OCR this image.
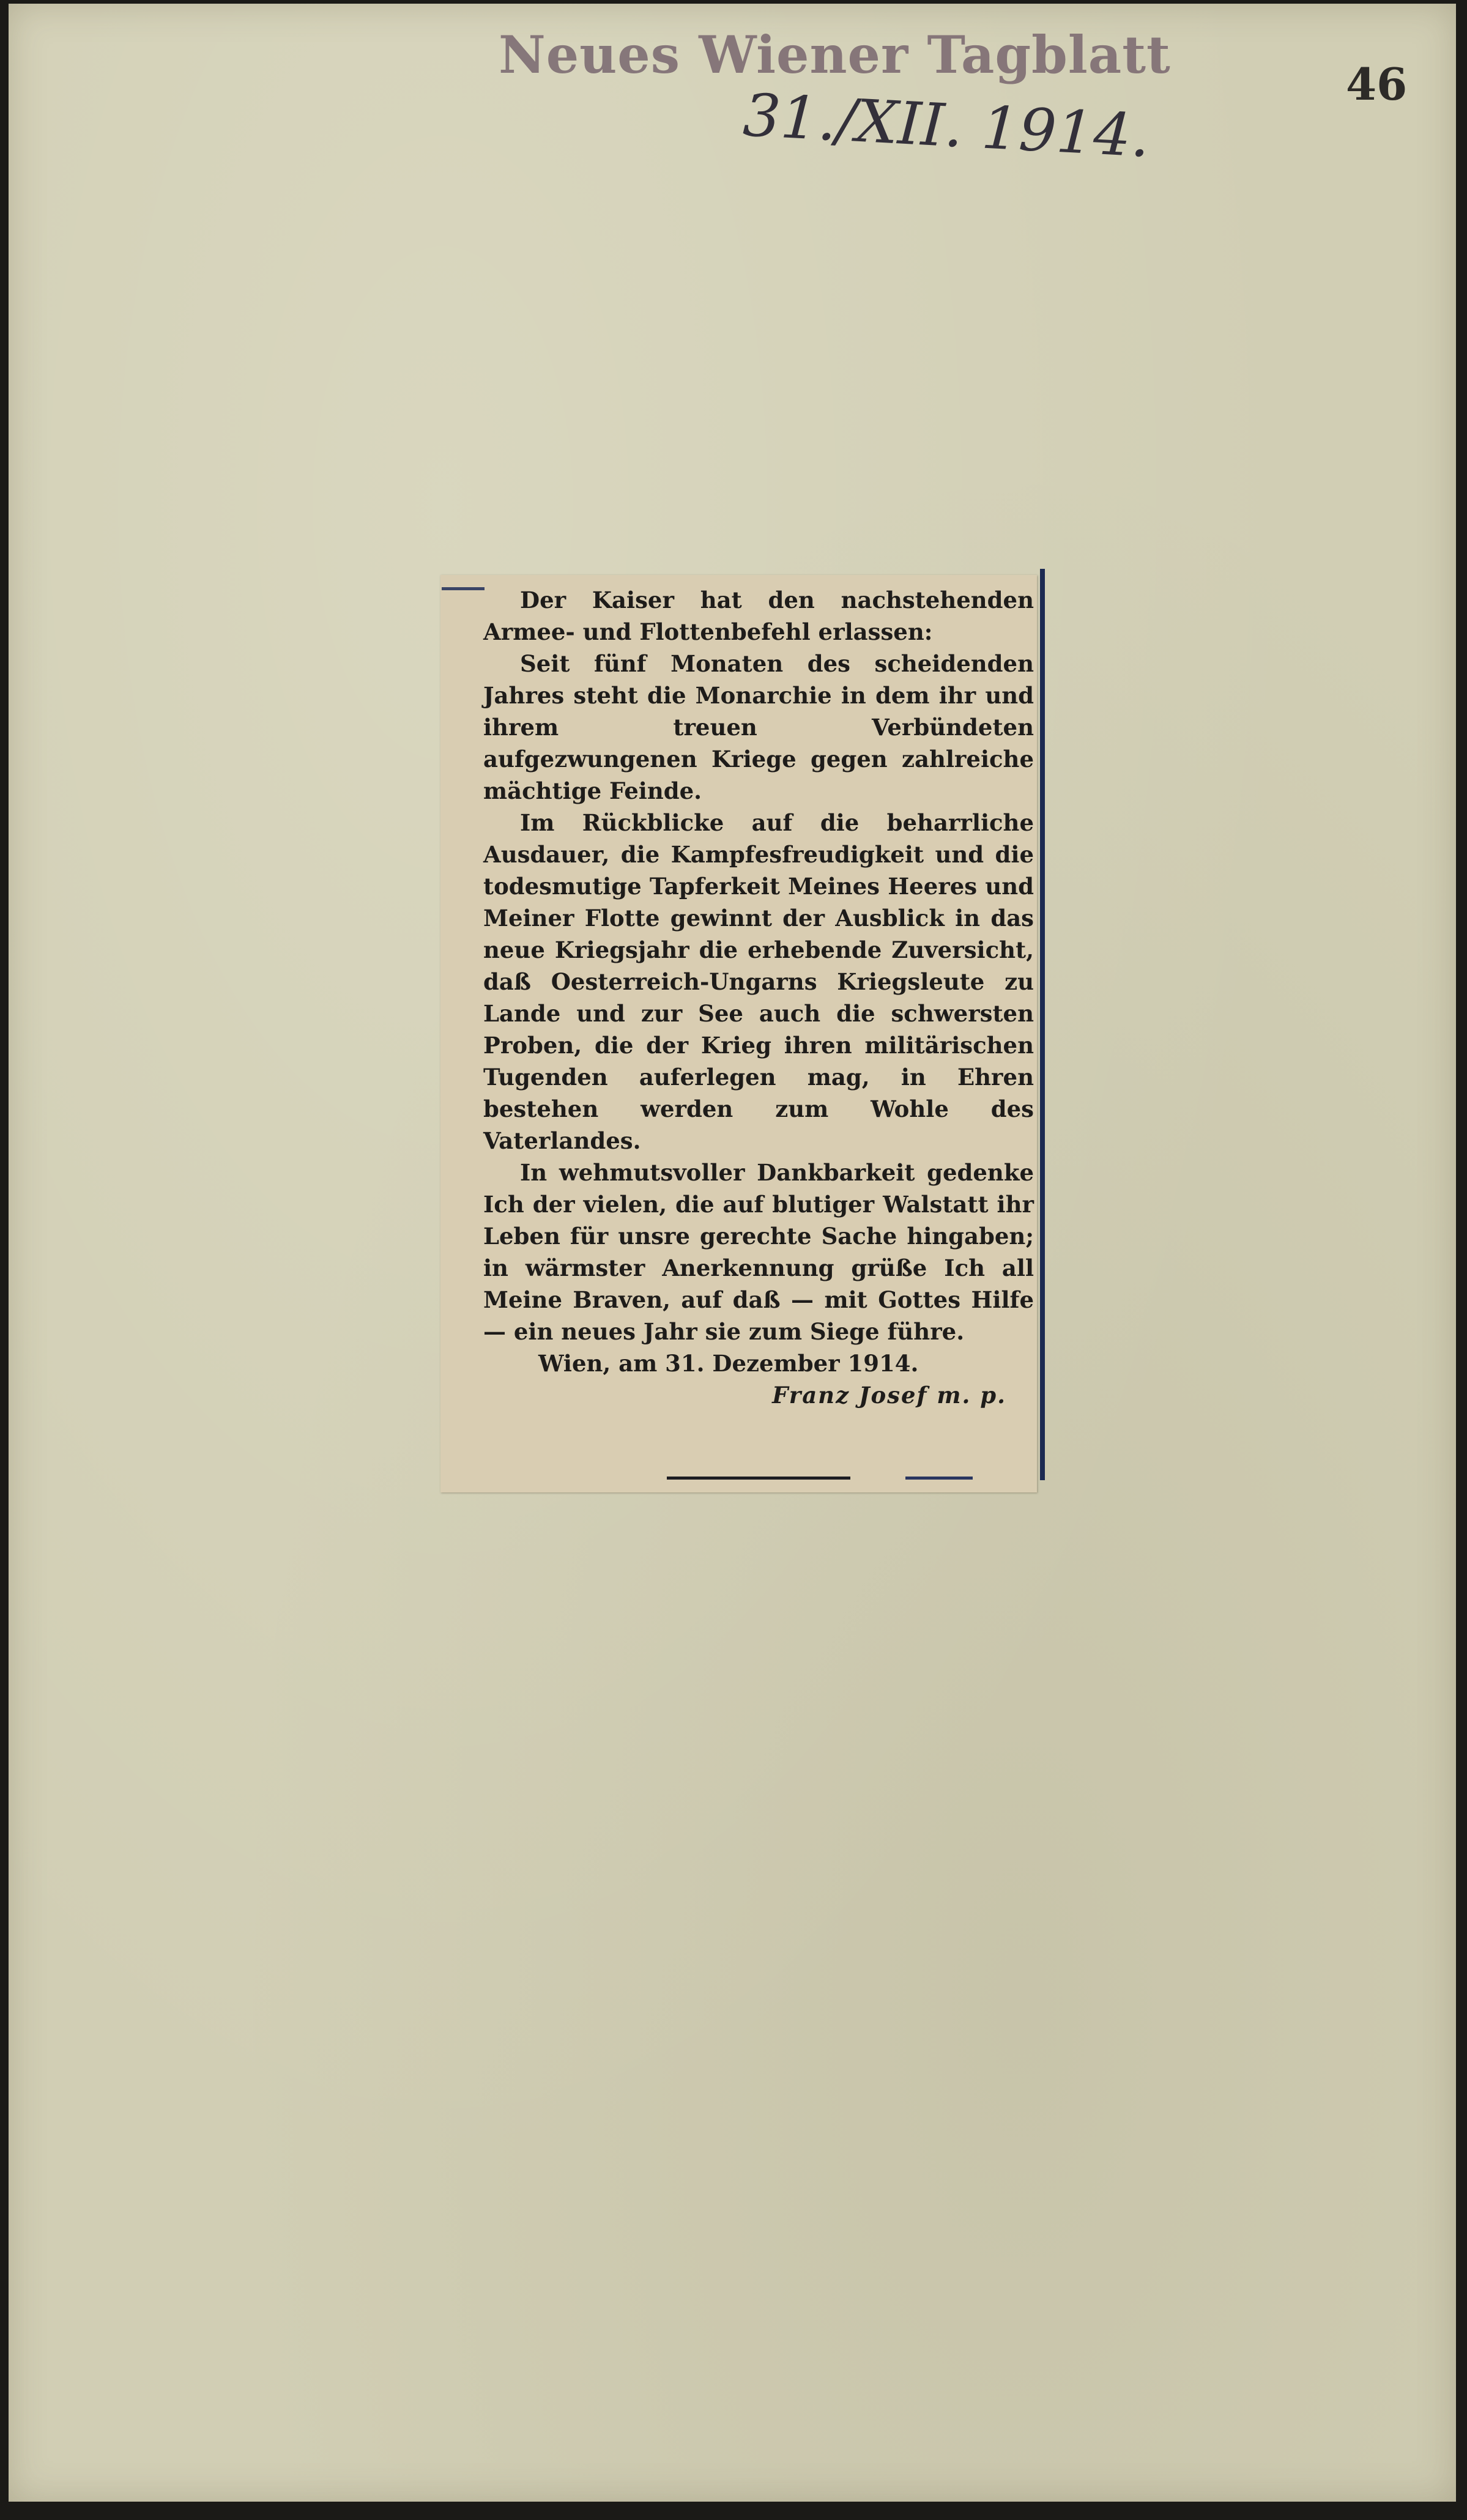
Neues Wiener Tagblatt
31./XII. 1914.	46

Der Kaiser hat den nachstehenden Armee- und Flottenbefehl erlassen:

Seit fünf Monaten des scheidenden Jahres steht die Monarchie in dem ihr und ihrem treuen Verbündeten aufgezwungenen Kriege gegen zahlreiche mächtige Feinde.

Im Rückblicke auf die beharrliche Ausdauer, die Kampfesfreudigkeit und die todesmutige Tapferkeit Meines Heeres und Meiner Flotte gewinnt der Ausblick in das neue Kriegsjahr die erhebende Zuversicht, daß Oesterreich-Ungarns Kriegsleute zu Lande und zur See auch die schwersten Proben, die der Krieg ihren militärischen Tugenden auferlegen mag, in Ehren bestehen werden zum Wohle des Vaterlandes.

In wehmutsvoller Dankbarkeit gedenke Ich der vielen, die auf blutiger Walstatt ihr Leben für unsre gerechte Sache hingaben; in wärmster Anerkennung grüße Ich all Meine Braven, auf daß — mit Gottes Hilfe — ein neues Jahr sie zum Siege führe.

Wien, am 31. Dezember 1914.

Franz Josef m. p.
